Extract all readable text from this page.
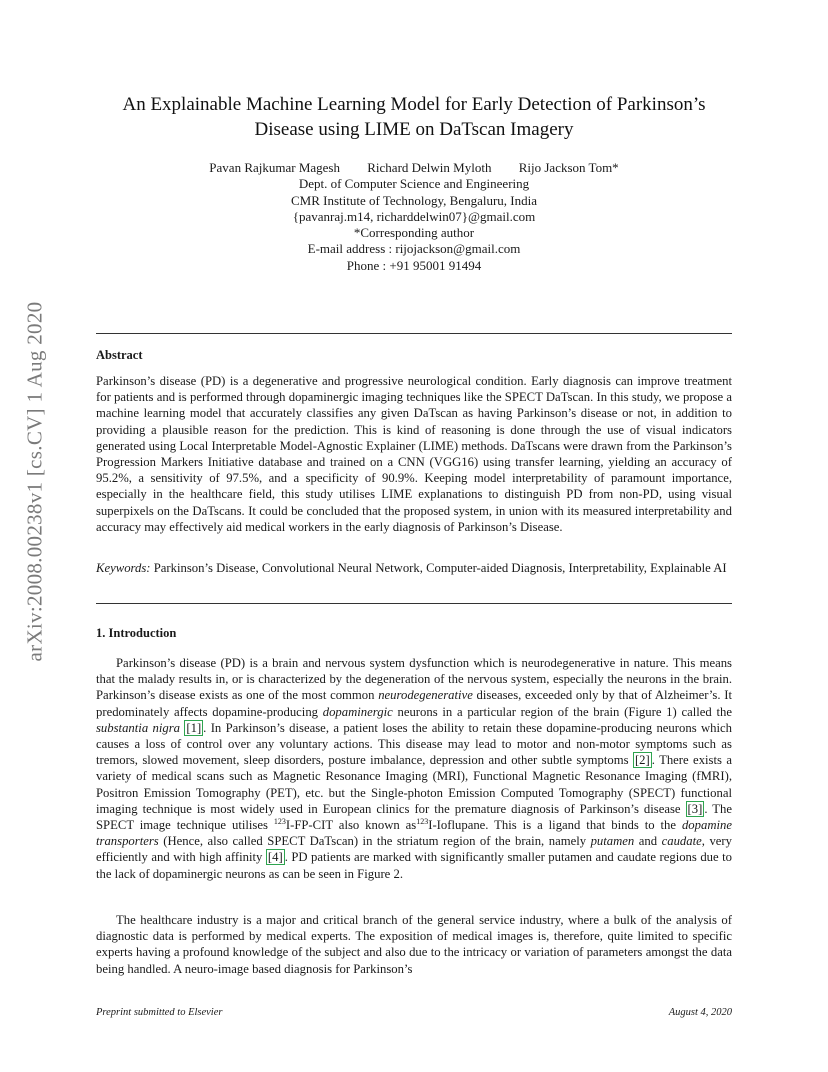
arXiv:2008.00238v1 [cs.CV] 1 Aug 2020
An Explainable Machine Learning Model for Early Detection of Parkinson’s
Disease using LIME on DaTscan Imagery
Pavan Rajkumar Magesh Richard Delwin Myloth Rijo Jackson Tom*
Dept. of Computer Science and Engineering
CMR Institute of Technology, Bengaluru, India
{pavanraj.m14, richarddelwin07}@gmail.com
*Corresponding author
E-mail address : rijojackson@gmail.com
Phone : +91 95001 91494
Abstract
Parkinson’s disease (PD) is a degenerative and progressive neurological condition. Early diagnosis can improve treatment for patients and is performed through dopaminergic imaging techniques like the SPECT DaTscan. In this study, we propose a machine learning model that accurately classifies any given DaTscan as having Parkinson’s disease or not, in addition to providing a plausible reason for the prediction. This is kind of reasoning is done through the use of visual indicators generated using Local Interpretable Model-Agnostic Explainer (LIME) methods. DaTscans were drawn from the Parkinson’s Progression Markers Initiative database and trained on a CNN (VGG16) using transfer learning, yielding an accuracy of 95.2%, a sensitivity of 97.5%, and a specificity of 90.9%. Keeping model interpretability of paramount importance, especially in the healthcare field, this study utilises LIME explanations to distinguish PD from non-PD, using visual superpixels on the DaTscans. It could be concluded that the proposed system, in union with its measured interpretability and accuracy may effectively aid medical workers in the early diagnosis of Parkinson’s Disease.
Keywords: Parkinson’s Disease, Convolutional Neural Network, Computer-aided Diagnosis, Interpretability, Explainable AI
1. Introduction
Parkinson’s disease (PD) is a brain and nervous system dysfunction which is neurodegenerative in nature. This means that the malady results in, or is characterized by the degeneration of the nervous system, especially the neurons in the brain. Parkinson’s disease exists as one of the most common neurodegenerative diseases, exceeded only by that of Alzheimer’s. It predominately affects dopamine-producing dopaminergic neurons in a particular region of the brain (Figure 1) called the substantia nigra [1] . In Parkinson’s disease, a patient loses the ability to retain these dopamine-producing neurons which causes a loss of control over any voluntary actions. This disease may lead to motor and non-motor symptoms such as tremors, slowed movement, sleep disorders, posture imbalance, depression and other subtle symptoms [2] . There exists a variety of medical scans such as Magnetic Resonance Imaging (MRI), Functional Magnetic Resonance Imaging (fMRI), Positron Emission Tomography (PET), etc. but the Single-photon Emission Computed Tomography (SPECT) functional imaging technique is most widely used in European clinics for the premature diagnosis of Parkinson’s disease [3] . The SPECT image technique utilises $^{123}$I-FP-CIT also known $as^{123}I$-Ioflupane. This is a ligand that binds to the dopamine transporters (Hence, also called SPECT DaTscan) in the striatum region of the brain, namely putamen and caudate, very efficiently and with high affinity [4] . PD patients are marked with significantly smaller putamen and caudate regions due to the lack of dopaminergic neurons as can be seen in Figure 2.
The healthcare industry is a major and critical branch of the general service industry, where a bulk of the analysis of diagnostic data is performed by medical experts. The exposition of medical images is, therefore, quite limited to specific experts having a profound knowledge of the subject and also due to the intricacy or variation of parameters amongst the data being handled. A neuro-image based diagnosis for Parkinson’s
Preprint submitted to Elsevier	August 4, 2020
